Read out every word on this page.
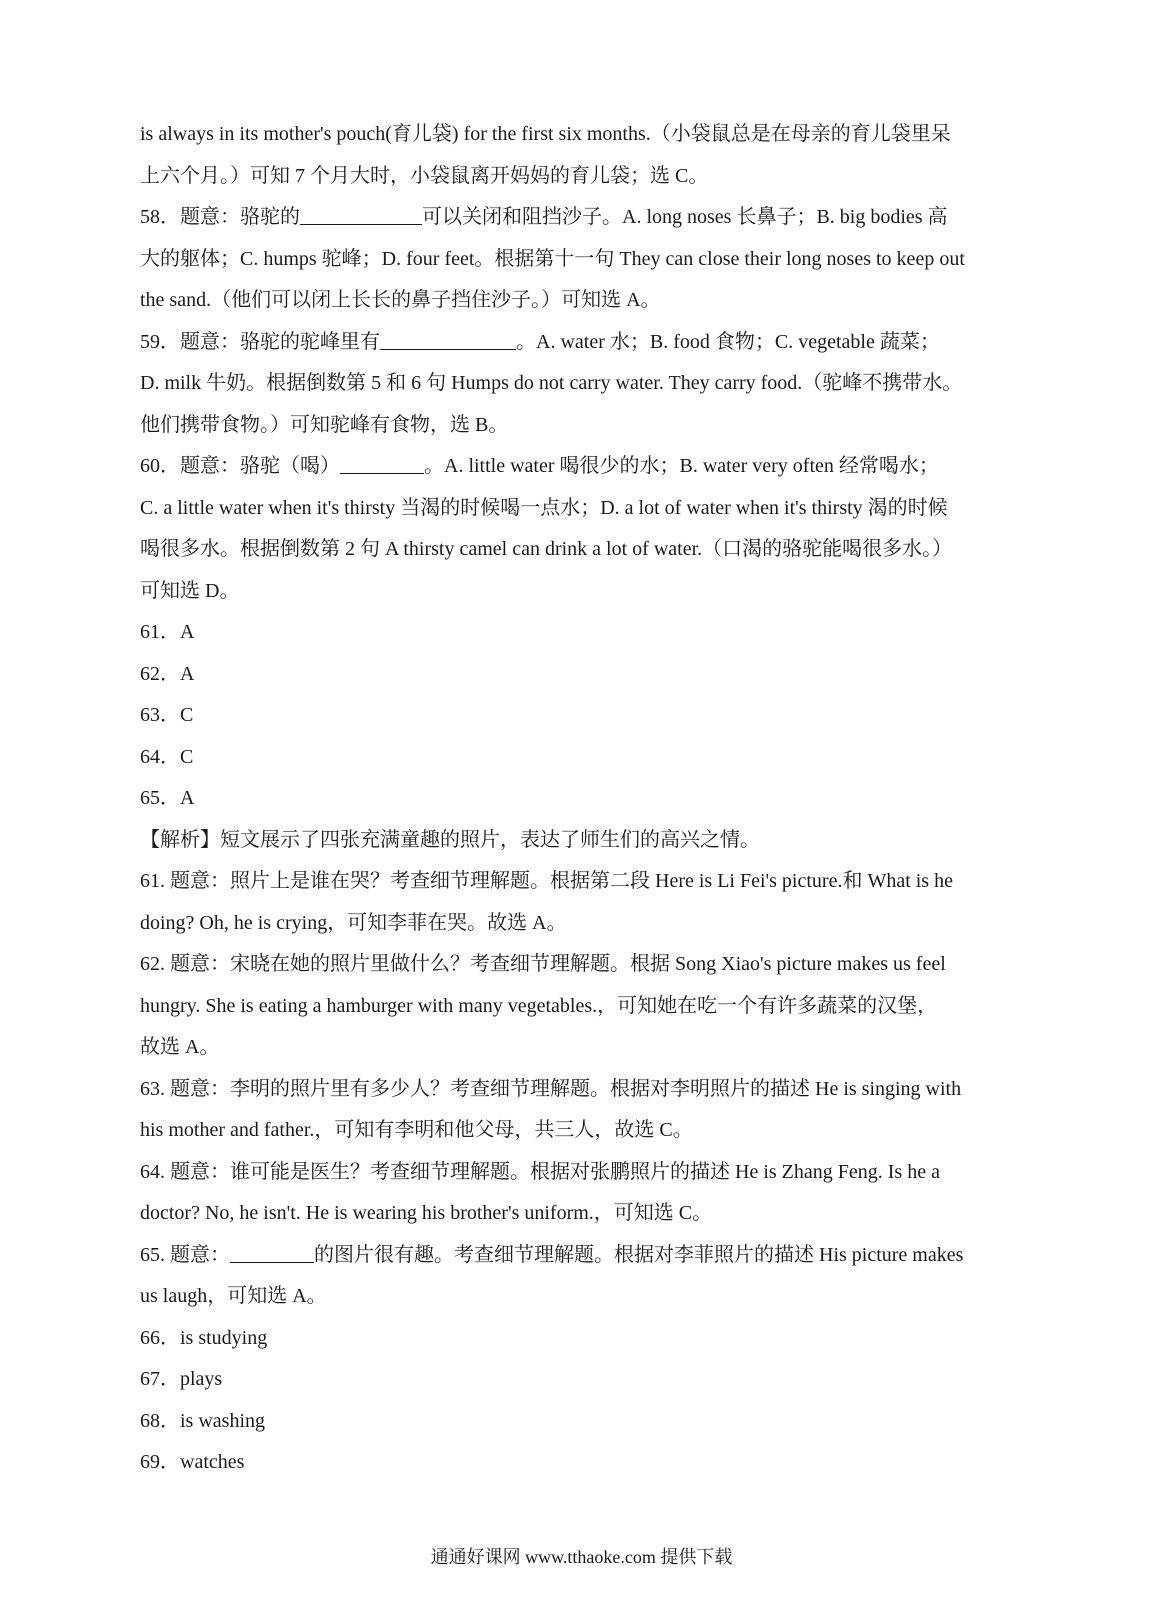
is always in its mother's pouch(育儿袋) for the first six months.（小袋鼠总是在母亲的育儿袋里呆
上六个月。）可知 7 个月大时，小袋鼠离开妈妈的育儿袋；选 C。
58．题意：骆驼的	可以关闭和阻挡沙子。A. long noses 长鼻子；B. big bodies 高
大的躯体；C. humps 驼峰；D. four feet。根据第十一句 They can close their long noses to keep out
the sand.（他们可以闭上长长的鼻子挡住沙子。）可知选 A。
59．题意：骆驼的驼峰里有	。A. water 水；B. food 食物；C. vegetable 蔬菜；
D. milk 牛奶。根据倒数第 5 和 6 句 Humps do not carry water. They carry food.（驼峰不携带水。
他们携带食物。）可知驼峰有食物，选 B。
60．题意：骆驼（喝）	。A. little water 喝很少的水；B. water very often 经常喝水；
C. a little water when it's thirsty 当渴的时候喝一点水；D. a lot of water when it's thirsty 渴的时候
喝很多水。根据倒数第 2 句 A thirsty camel can drink a lot of water.（口渴的骆驼能喝很多水。）
可知选 D。
61．A
62．A
63．C
64．C
65．A
【解析】短文展示了四张充满童趣的照片，表达了师生们的高兴之情。
61. 题意：照片上是谁在哭？考查细节理解题。根据第二段 Here is Li Fei's picture.和 What is he
doing? Oh, he is crying，可知李菲在哭。故选 A。
62. 题意：宋晓在她的照片里做什么？考查细节理解题。根据 Song Xiao's picture makes us feel
hungry. She is eating a hamburger with many vegetables.，可知她在吃一个有许多蔬菜的汉堡，
故选 A。
63. 题意：李明的照片里有多少人？考查细节理解题。根据对李明照片的描述 He is singing with
his mother and father.，可知有李明和他父母，共三人，故选 C。
64. 题意：谁可能是医生？考查细节理解题。根据对张鹏照片的描述 He is Zhang Feng. Is he a
doctor? No, he isn't. He is wearing his brother's uniform.，可知选 C。
65. 题意：	的图片很有趣。考查细节理解题。根据对李菲照片的描述 His picture makes
us laugh，可知选 A。
66．is studying
67．plays
68．is washing
69．watches
通通好课网 www.tthaoke.com 提供下载
